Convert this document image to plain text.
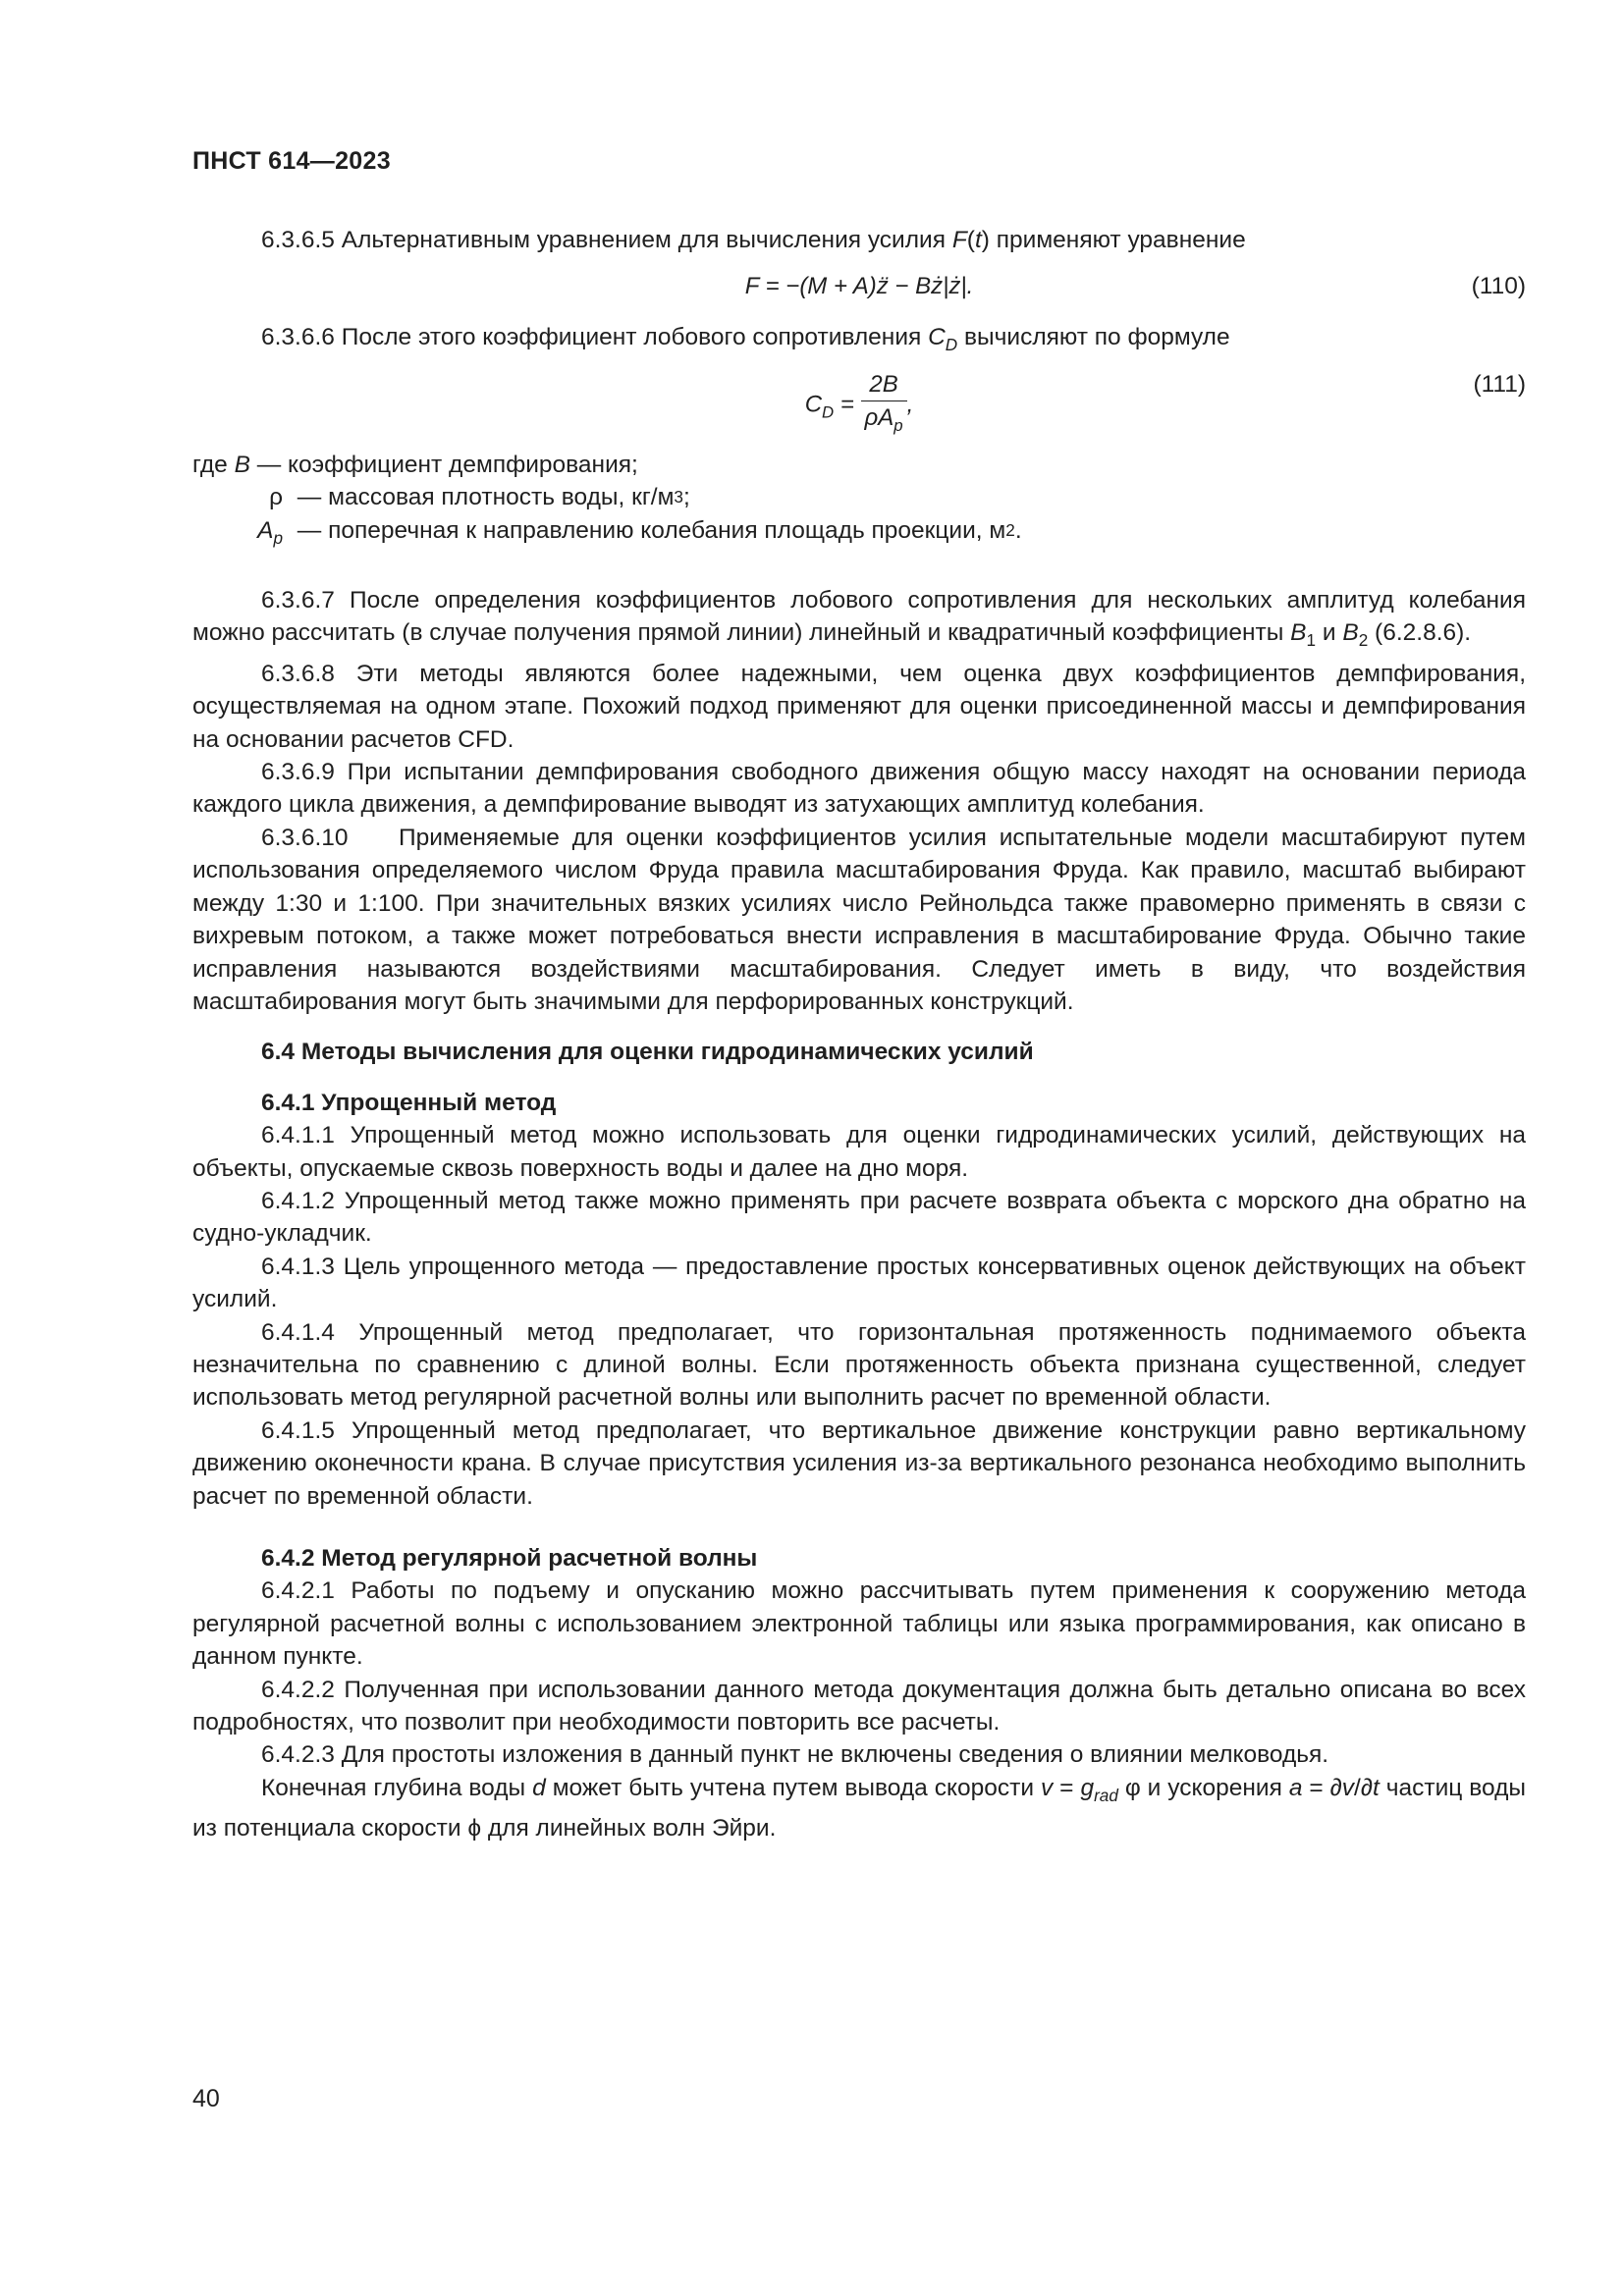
ПНСТ 614—2023

6.3.6.5 Альтернативным уравнением для вычисления усилия F(t) применяют уравнение

F = −(M + A)z̈ − Bż|ż|.	(110)

6.3.6.6 После этого коэффициент лобового сопротивления $C_D$ вычисляют по формуле

$C_D = \frac{2B}{\rho A_p}$ ,
(111)
где B — коэффициент демпфирования;
ρ — массовая плотность воды, кг/м 3 ;
$A_p$ — поперечная к направлению колебания площадь проекции, м 2 .

6.3.6.7 После определения коэффициентов лобового сопротивления для нескольких амплитуд колебания можно рассчитать (в случае получения прямой линии) линейный и квадратичный коэффициенты $B_1$ и $B_2$ (6.2.8.6).

6.3.6.8 Эти методы являются более надежными, чем оценка двух коэффициентов демпфирования, осуществляемая на одном этапе. Похожий подход применяют для оценки присоединенной массы и демпфирования на основании расчетов CFD.

6.3.6.9 При испытании демпфирования свободного движения общую массу находят на основании периода каждого цикла движения, а демпфирование выводят из затухающих амплитуд колебания.

6.3.6.10    Применяемые для оценки коэффициентов усилия испытательные модели масштабируют путем использования определяемого числом Фруда правила масштабирования Фруда. Как правило, масштаб выбирают между 1:30 и 1:100. При значительных вязких усилиях число Рейнольдса также правомерно применять в связи с вихревым потоком, а также может потребоваться внести исправления в масштабирование Фруда. Обычно такие исправления называются воздействиями масштабирования. Следует иметь в виду, что воздействия масштабирования могут быть значимыми для перфорированных конструкций.

6.4 Методы вычисления для оценки гидродинамических усилий

6.4.1 Упрощенный метод

6.4.1.1 Упрощенный метод можно использовать для оценки гидродинамических усилий, действующих на объекты, опускаемые сквозь поверхность воды и далее на дно моря.

6.4.1.2 Упрощенный метод также можно применять при расчете возврата объекта с морского дна обратно на судно-укладчик.

6.4.1.3 Цель упрощенного метода — предоставление простых консервативных оценок действующих на объект усилий.

6.4.1.4 Упрощенный метод предполагает, что горизонтальная протяженность поднимаемого объекта незначительна по сравнению с длиной волны. Если протяженность объекта признана существенной, следует использовать метод регулярной расчетной волны или выполнить расчет по временной области.

6.4.1.5 Упрощенный метод предполагает, что вертикальное движение конструкции равно вертикальному движению оконечности крана. В случае присутствия усиления из-за вертикального резонанса необходимо выполнить расчет по временной области.

6.4.2 Метод регулярной расчетной волны

6.4.2.1 Работы по подъему и опусканию можно рассчитывать путем применения к сооружению метода регулярной расчетной волны с использованием электронной таблицы или языка программирования, как описано в данном пункте.

6.4.2.2 Полученная при использовании данного метода документация должна быть детально описана во всех подробностях, что позволит при необходимости повторить все расчеты.

6.4.2.3 Для простоты изложения в данный пункт не включены сведения о влиянии мелководья.

Конечная глубина воды d может быть учтена путем вывода скорости $v = g_{rad}$ φ и ускорения a = ∂v/∂t частиц воды из потенциала скорости ϕ для линейных волн Эйри.

40
